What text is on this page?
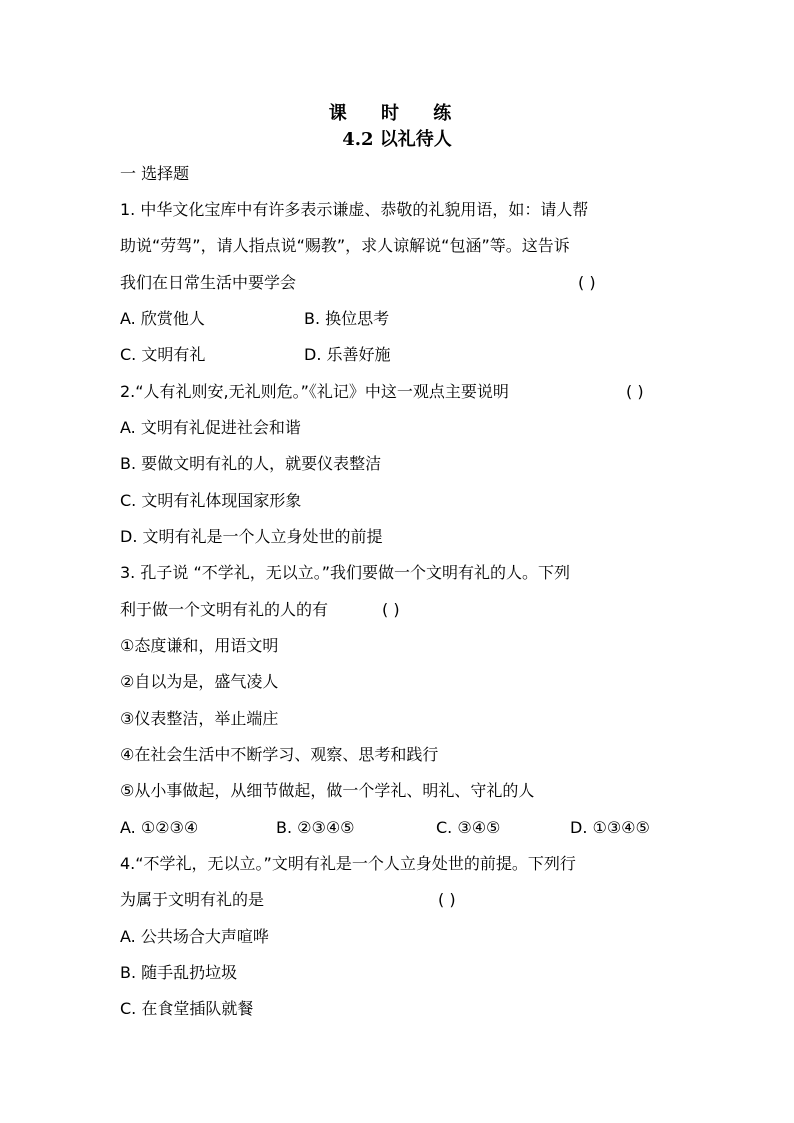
课 时 练
4.2 以礼待人
一 选择题
1. 中华文化宝库中有许多表示谦虚、恭敬的礼貌用语，如：请人帮
助说“劳驾”，请人指点说“赐教”，求人谅解说“包涵”等。这告诉
我们在日常生活中要学会	( )
A. 欣赏他人	B. 换位思考
C. 文明有礼	D. 乐善好施
2.“人有礼则安,无礼则危。”《礼记》中这一观点主要说明	( )
A. 文明有礼促进社会和谐
B. 要做文明有礼的人，就要仪表整洁
C. 文明有礼体现国家形象
D. 文明有礼是一个人立身处世的前提
3. 孔子说 “不学礼，无以立。”我们要做一个文明有礼的人。下列
利于做一个文明有礼的人的有	( )
①态度谦和，用语文明
②自以为是，盛气凌人
③仪表整洁，举止端庄
④在社会生活中不断学习、观察、思考和践行
⑤从小事做起，从细节做起，做一个学礼、明礼、守礼的人
A. ①②③④	B. ②③④⑤	C. ③④⑤	D. ①③④⑤
4.“不学礼，无以立。”文明有礼是一个人立身处世的前提。下列行
为属于文明有礼的是	( )
A. 公共场合大声喧哗
B. 随手乱扔垃圾
C. 在食堂插队就餐
